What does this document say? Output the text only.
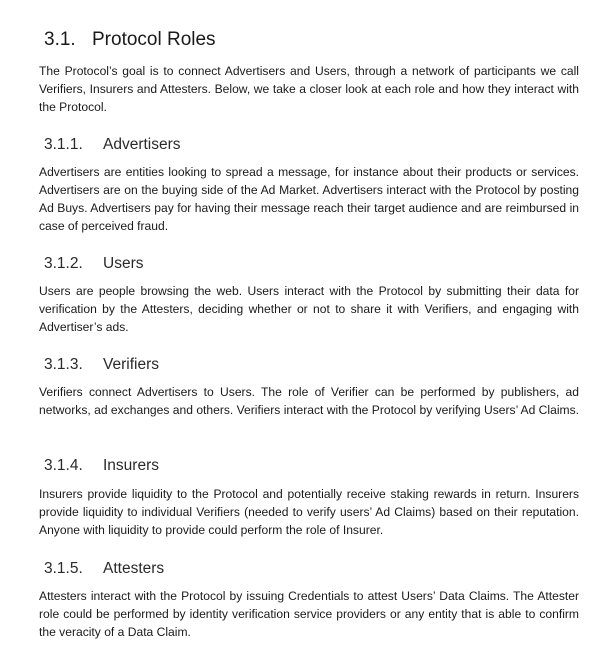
3.1. Protocol Roles

The Protocol’s goal is to connect Advertisers and Users, through a network of participants we call Verifiers, Insurers and Attesters. Below, we take a closer look at each role and how they interact with the Protocol.

3.1.1. Advertisers

Advertisers are entities looking to spread a message, for instance about their products or services. Advertisers are on the buying side of the Ad Market. Advertisers interact with the Protocol by posting Ad Buys. Advertisers pay for having their message reach their target audience and are reimbursed in case of perceived fraud.

3.1.2. Users

Users are people browsing the web. Users interact with the Protocol by submitting their data for verification by the Attesters, deciding whether or not to share it with Verifiers, and engaging with Advertiser’s ads.

3.1.3. Verifiers

Verifiers connect Advertisers to Users. The role of Verifier can be performed by publishers, ad networks, ad exchanges and others. Verifiers interact with the Protocol by verifying Users’ Ad Claims.

3.1.4. Insurers

Insurers provide liquidity to the Protocol and potentially receive staking rewards in return. Insurers provide liquidity to individual Verifiers (needed to verify users’ Ad Claims) based on their reputation. Anyone with liquidity to provide could perform the role of Insurer.

3.1.5. Attesters

Attesters interact with the Protocol by issuing Credentials to attest Users’ Data Claims. The Attester role could be performed by identity verification service providers or any entity that is able to confirm the veracity of a Data Claim.
